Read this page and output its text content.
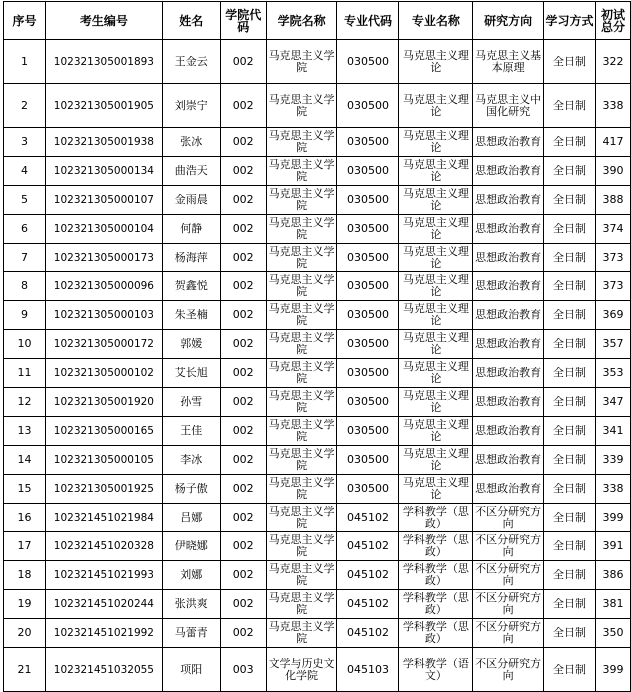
序号	考生编号	姓名	学院代码	学院名称	专业代码	专业名称	研究方向	学习方式	初试总分

1	102321305001893	王金云	002	马克思主义学院	030500	马克思主义理论	马克思主义基本原理	全日制	322

2	102321305001905	刘崇宁	002	马克思主义学院	030500	马克思主义理论	马克思主义中国化研究	全日制	338

3	102321305001938	张冰	002	马克思主义学院	030500	马克思主义理论	思想政治教育	全日制	417

4	102321305000134	曲浩天	002	马克思主义学院	030500	马克思主义理论	思想政治教育	全日制	390

5	102321305000107	金雨晨	002	马克思主义学院	030500	马克思主义理论	思想政治教育	全日制	388

6	102321305000104	何静	002	马克思主义学院	030500	马克思主义理论	思想政治教育	全日制	374

7	102321305000173	杨海萍	002	马克思主义学院	030500	马克思主义理论	思想政治教育	全日制	373

8	102321305000096	贺鑫悦	002	马克思主义学院	030500	马克思主义理论	思想政治教育	全日制	373

9	102321305000103	朱圣楠	002	马克思主义学院	030500	马克思主义理论	思想政治教育	全日制	369

10	102321305000172	郭媛	002	马克思主义学院	030500	马克思主义理论	思想政治教育	全日制	357

11	102321305000102	艾长旭	002	马克思主义学院	030500	马克思主义理论	思想政治教育	全日制	353

12	102321305001920	孙雪	002	马克思主义学院	030500	马克思主义理论	思想政治教育	全日制	347

13	102321305000165	王佳	002	马克思主义学院	030500	马克思主义理论	思想政治教育	全日制	341

14	102321305000105	李冰	002	马克思主义学院	030500	马克思主义理论	思想政治教育	全日制	339

15	102321305001925	杨子傲	002	马克思主义学院	030500	马克思主义理论	思想政治教育	全日制	338

16	102321451021984	吕娜	002	马克思主义学院	045102	学科教学（思政）	不区分研究方向	全日制	399

17	102321451020328	伊晓娜	002	马克思主义学院	045102	学科教学（思政）	不区分研究方向	全日制	391

18	102321451021993	刘娜	002	马克思主义学院	045102	学科教学（思政）	不区分研究方向	全日制	386

19	102321451020244	张洪爽	002	马克思主义学院	045102	学科教学（思政）	不区分研究方向	全日制	381

20	102321451021992	马蕾青	002	马克思主义学院	045102	学科教学（思政）	不区分研究方向	全日制	350

21	102321451032055	项阳	003	文学与历史文化学院	045103	学科教学（语文）	不区分研究方向	全日制	399
